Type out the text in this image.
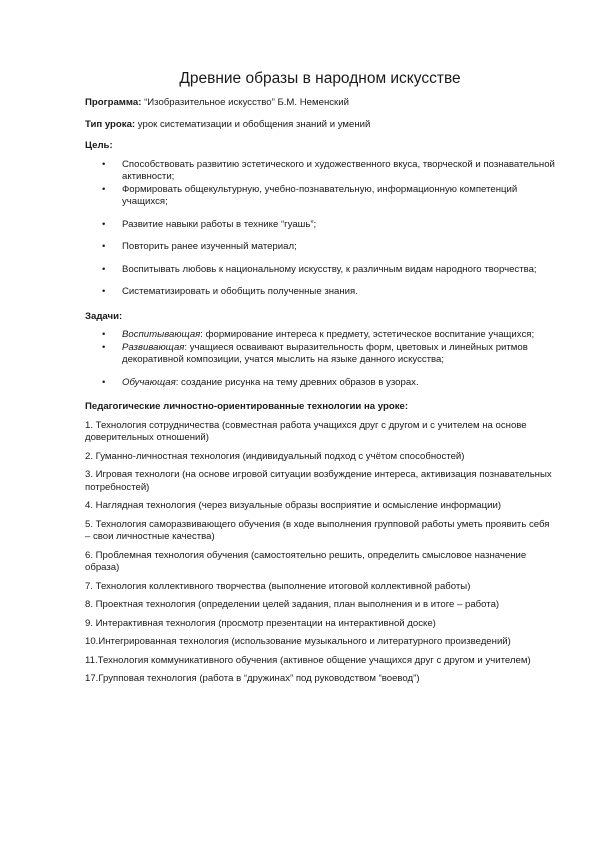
Древние образы в народном искусстве

Программа: “Изобразительное искусство” Б.М. Неменский

Тип урока: урок систематизации и обобщения знаний и умений

Цель:

• Способствовать развитию эстетического и художественного вкуса, творческой и познавательной активности;
• Формировать общекультурную, учебно-познавательную, информационную компетенций учащихся;
• Развитие навыки работы в технике “гуашь”;
• Повторить ранее изученный материал;
• Воспитывать любовь к национальному искусству, к различным видам народного творчества;
• Систематизировать и обобщить полученные знания.

Задачи:

• Воспитывающая: формирование интереса к предмету, эстетическое воспитание учащихся;
• Развивающая: учащиеся осваивают выразительность форм, цветовых и линейных ритмов декоративной композиции, учатся мыслить на языке данного искусства;
• Обучающая: создание рисунка на тему древних образов в узорах.

Педагогические личностно-ориентированные технологии на уроке:

1. Технология сотрудничества (совместная работа учащихся друг с другом и с учителем на основе доверительных отношений)

2. Гуманно-личностная технология (индивидуальный подход с учётом способностей)

3. Игровая технологи (на основе игровой ситуации возбуждение интереса, активизация познавательных потребностей)

4. Наглядная технология (через визуальные образы восприятие и осмысление информации)

5. Технология саморазвивающего обучения (в ходе выполнения групповой работы уметь проявить себя – свои личностные качества)

6. Проблемная технология обучения (самостоятельно решить, определить смысловое назначение образа)

7. Технология коллективного творчества (выполнение итоговой коллективной работы)

8. Проектная технология (определении целей задания, план выполнения и в итоге – работа)

9. Интерактивная технология (просмотр презентации на интерактивной доске)

10.Интегрированная технология (использование музыкального и литературного произведений)

11.Технология коммуникативного обучения (активное общение учащихся друг с другом и учителем)

17.Групповая технология (работа в “дружинах” под руководством “воевод”)
